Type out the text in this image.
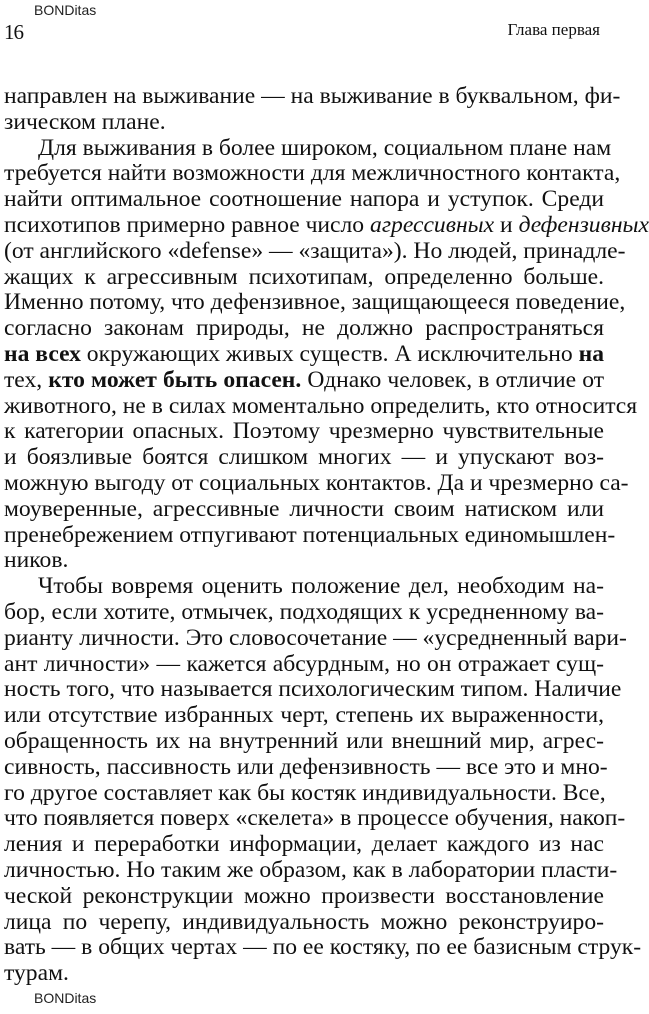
BONDitas
16	Глава первая
направлен на выживание — на выживание в буквальном, фи-
зическом плане.
Для выживания в более широком, социальном плане нам
требуется найти возможности для межличностного контакта,
найти оптимальное соотношение напора и уступок. Среди
психотипов примерно равное число агрессивных и дефензивных
(от английского «defense» — «защита»). Но людей, принадле-
жащих к агрессивным психотипам, определенно больше.
Именно потому, что дефензивное, защищающееся поведение,
согласно законам природы, не должно распространяться
на всех окружающих живых существ. А исключительно на
тех, кто может быть опасен. Однако человек, в отличие от
животного, не в силах моментально определить, кто относится
к категории опасных. Поэтому чрезмерно чувствительные
и боязливые боятся слишком многих — и упускают воз-
можную выгоду от социальных контактов. Да и чрезмерно са-
моуверенные, агрессивные личности своим натиском или
пренебрежением отпугивают потенциальных единомышлен-
ников.
Чтобы вовремя оценить положение дел, необходим на-
бор, если хотите, отмычек, подходящих к усредненному ва-
рианту личности. Это словосочетание — «усредненный вари-
ант личности» — кажется абсурдным, но он отражает сущ-
ность того, что называется психологическим типом. Наличие
или отсутствие избранных черт, степень их выраженности,
обращенность их на внутренний или внешний мир, агрес-
сивность, пассивность или дефензивность — все это и мно-
го другое составляет как бы костяк индивидуальности. Все,
что появляется поверх «скелета» в процессе обучения, накоп-
ления и переработки информации, делает каждого из нас
личностью. Но таким же образом, как в лаборатории пласти-
ческой реконструкции можно произвести восстановление
лица по черепу, индивидуальность можно реконструиро-
вать — в общих чертах — по ее костяку, по ее базисным струк-
турам.
BONDitas
